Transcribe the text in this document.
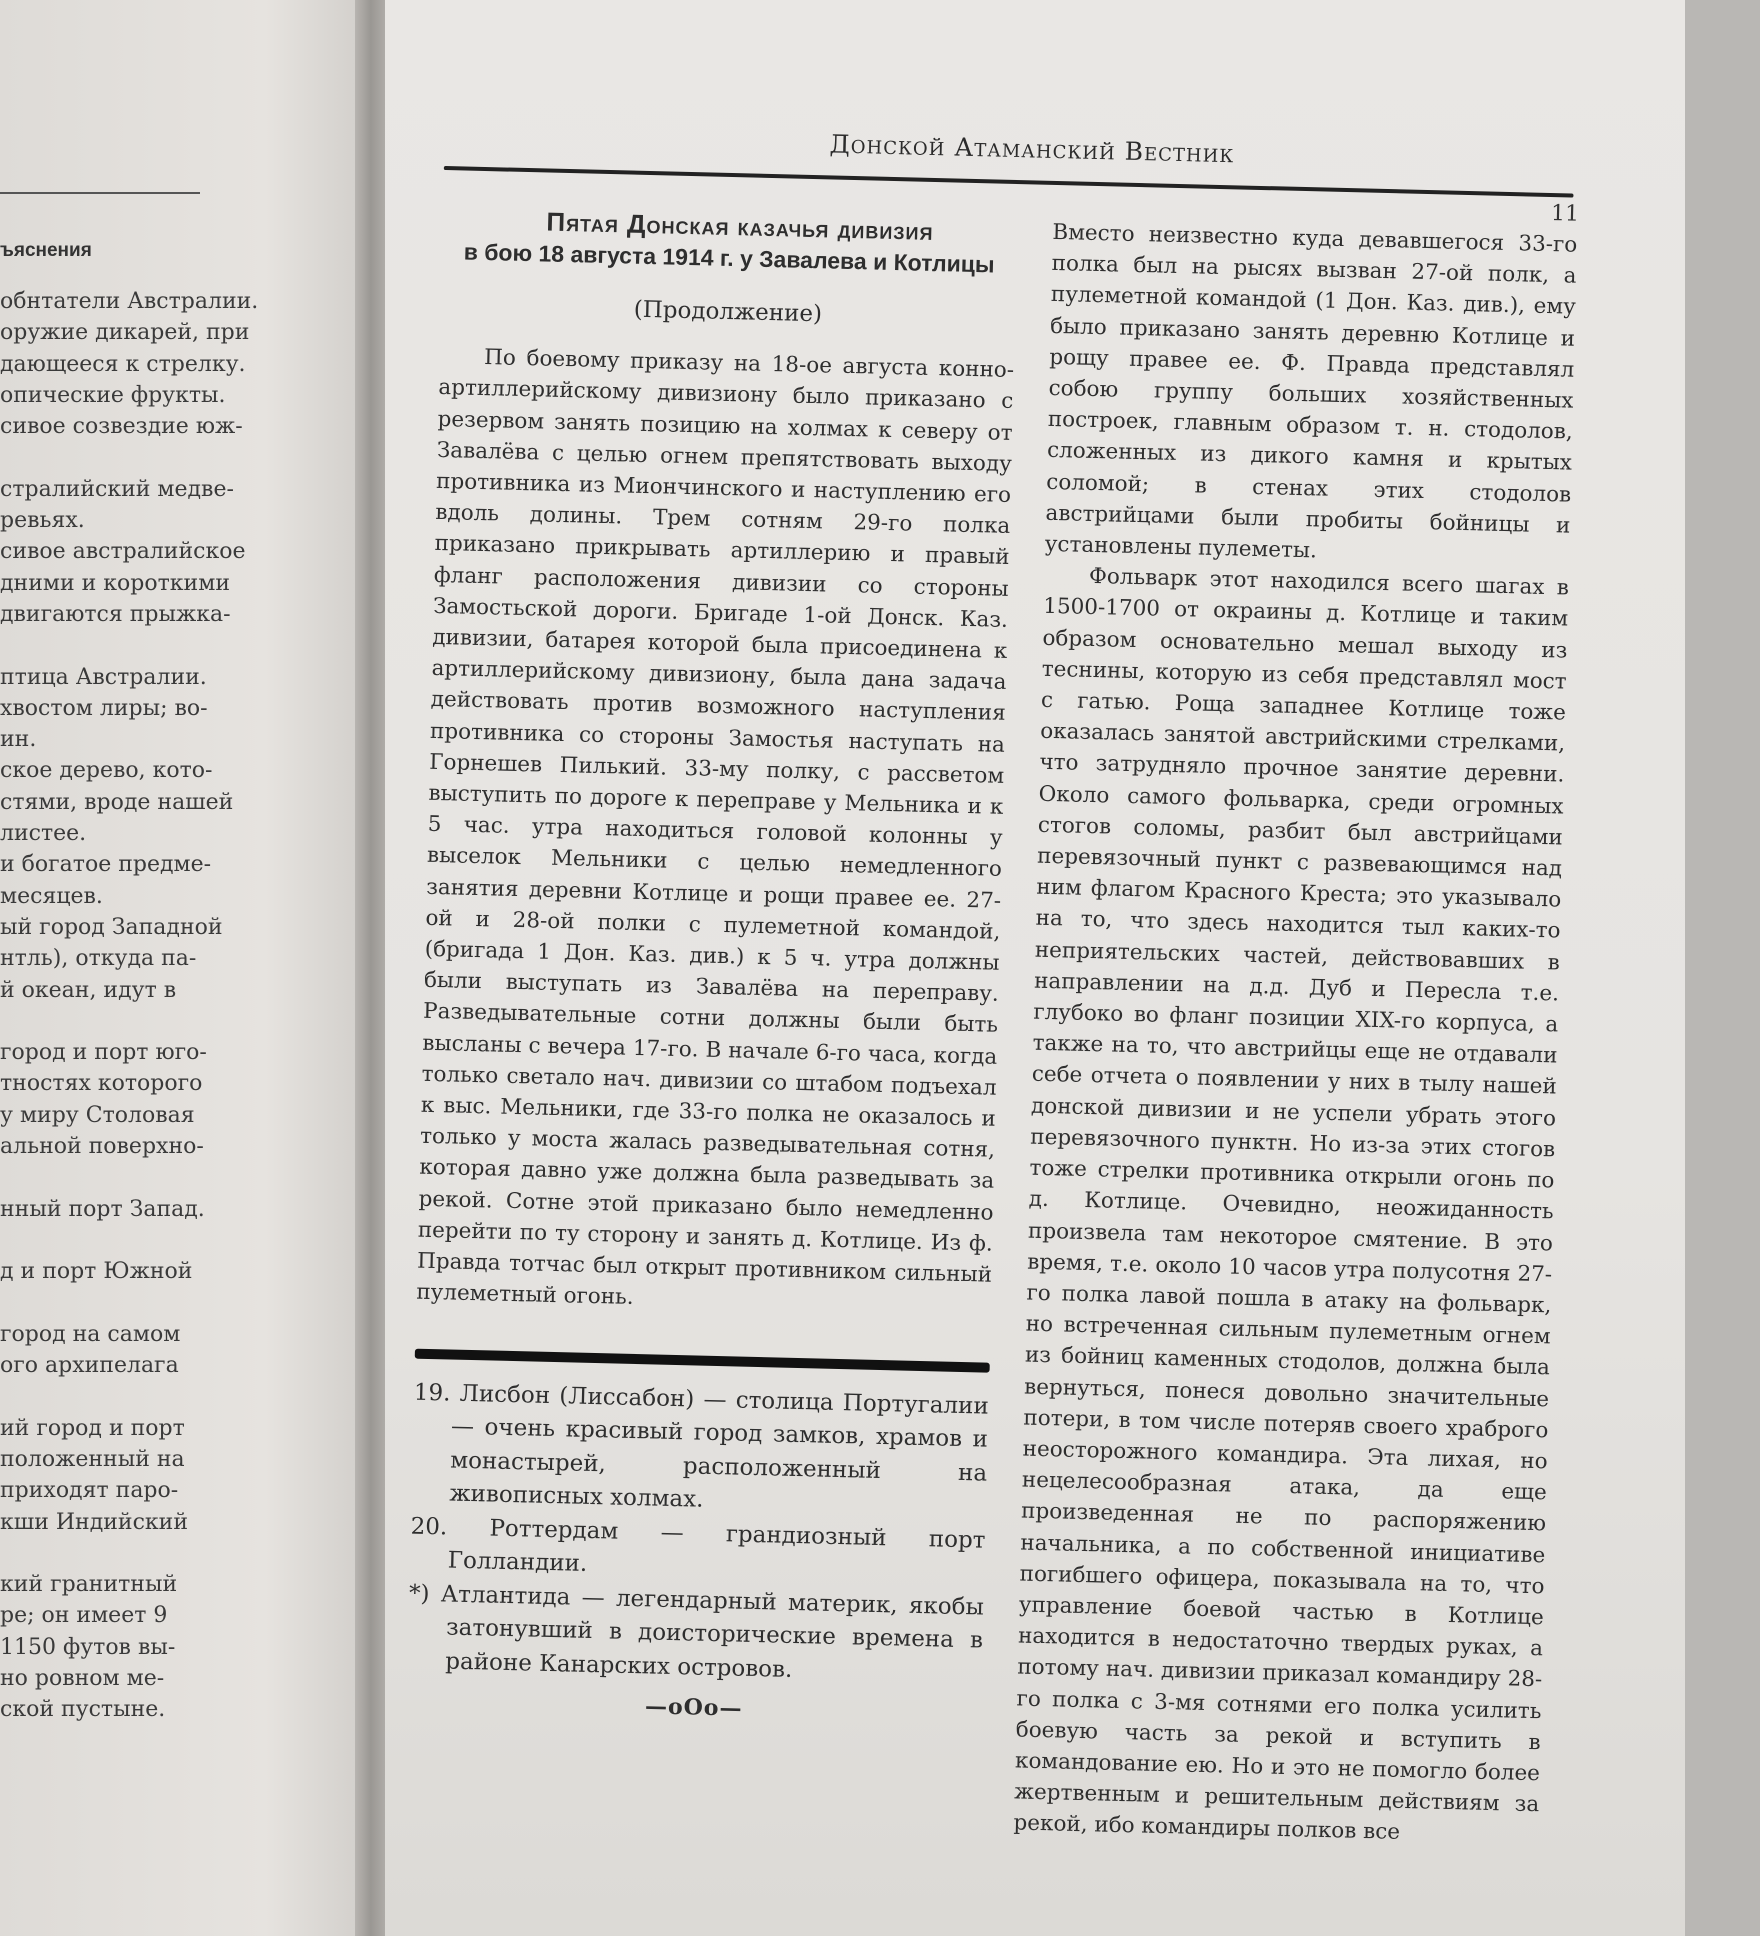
ъяснения
обнтатели Австралии.
оружие дикарей, при
дающееся к стрелку.
опические фрукты.
сивое созвездие юж-
стралийский медве-
ревьях.
сивое австралийское
дними и короткими
двигаются прыжка-
птица Австралии.
хвостом лиры; во-
ин.
ское дерево, кото-
стями, вроде нашей
листее.
и богатое предме-
месяцев.
ый город Западной
нтль), откуда па-
й океан, идут в
город и порт юго-
тностях которого
у миру Столовая
альной поверхно-
нный порт Запад.
д и порт Южной
город на самом
ого архипелага
ий город и порт
положенный на
приходят паро-
кши Индийский
кий гранитный
ре; он имеет 9
1150 футов вы-
но ровном ме-
ской пустыне.
Донской Атаманский Вестник
11
Пятая Донская казачья дивизия
в бою 18 августа 1914 г. у Завалева и Котлицы
(Продолжение)

По боевому приказу на 18-ое августа конно-артиллерийскому дивизиону было приказано с резервом занять позицию на холмах к северу от Завалёва с целью огнем препятствовать выходу противника из Миончинского и наступлению его вдоль долины. Трем сотням 29-го полка приказано прикрывать артиллерию и правый фланг расположения дивизии со стороны Замостьской дороги. Бригаде 1-ой Донск. Каз. дивизии, батарея которой была присоединена к артиллерийскому дивизиону, была дана задача действовать против возможного наступления противника со стороны Замостья наступать на Горнешев Пилький. 33-му полку, с рассветом выступить по дороге к переправе у Мельника и к 5 час. утра находиться головой колонны у выселок Мельники с целью немедленного занятия деревни Котлице и рощи правее ее. 27-ой и 28-ой полки с пулеметной командой, (бригада 1 Дон. Каз. див.) к 5 ч. утра должны были выступать из Завалёва на переправу. Разведывательные сотни должны были быть высланы с вечера 17-го. В начале 6-го часа, когда только светало нач. дивизии со штабом подъехал к выс. Мельники, где 33-го полка не оказалось и только у моста жалась разведывательная сотня, которая давно уже должна была разведывать за рекой. Сотне этой приказано было немедленно перейти по ту сторону и занять д. Котлице. Из ф. Правда тотчас был открыт противником сильный пулеметный огонь.

19. Лисбон (Лиссабон) — столица Португалии — очень красивый город замков, храмов и монастырей, расположенный на живописных холмах.

20. Роттердам — грандиозный порт Голландии.

*) Атлантида — легендарный материк, якобы затонувший в доисторические времена в районе Канарских островов.

—oOo—

Вместо неизвестно куда девавшегося 33-го полка был на рысях вызван 27-ой полк, а пулеметной командой (1 Дон. Каз. див.), ему было приказано занять деревню Котлице и рощу правее ее. Ф. Правда представлял собою группу больших хозяйственных построек, главным образом т. н. стодолов, сложенных из дикого камня и крытых соломой; в стенах этих стодолов австрийцами были пробиты бойницы и установлены пулеметы.

Фольварк этот находился всего шагах в 1500-1700 от окраины д. Котлице и таким образом основательно мешал выходу из теснины, которую из себя представлял мост с гатью. Роща западнее Котлице тоже оказалась занятой австрийскими стрелками, что затрудняло прочное занятие деревни. Около самого фольварка, среди огромных стогов соломы, разбит был австрийцами перевязочный пункт с развевающимся над ним флагом Красного Креста; это указывало на то, что здесь находится тыл каких-то неприятельских частей, действовавших в направлении на д.д. Дуб и Пересла т.е. глубоко во фланг позиции XIX-го корпуса, а также на то, что австрийцы еще не отдавали себе отчета о появлении у них в тылу нашей донской дивизии и не успели убрать этого перевязочного пунктн. Но из-за этих стогов тоже стрелки противника открыли огонь по д. Котлице. Очевидно, неожиданность произвела там некоторое смятение. В это время, т.е. около 10 часов утра полусотня 27-го полка лавой пошла в атаку на фольварк, но встреченная сильным пулеметным огнем из бойниц каменных стодолов, должна была вернуться, понеся довольно значительные потери, в том числе потеряв своего храброго неосторожного командира. Эта лихая, но нецелесообразная атака, да еще произведенная не по распоряжению начальника, а по собственной инициативе погибшего офицера, показывала на то, что управление боевой частью в Котлице находится в недостаточно твердых руках, а потому нач. дивизии приказал командиру 28-го полка с 3-мя сотнями его полка усилить боевую часть за рекой и вступить в командование ею. Но и это не помогло более жертвенным и решительным действиям за рекой, ибо командиры полков все
